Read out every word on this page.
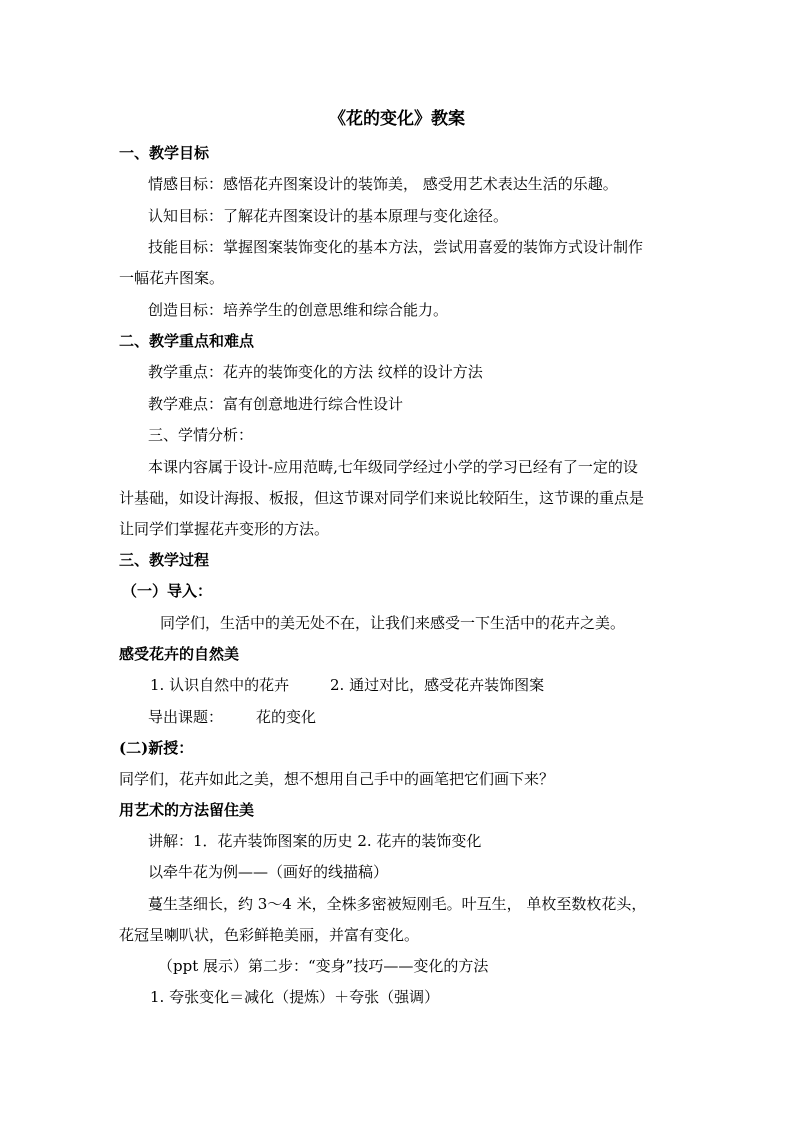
《花的变化》教案
一、教学目标
情感目标：感悟花卉图案设计的装饰美， 感受用艺术表达生活的乐趣。
认知目标：了解花卉图案设计的基本原理与变化途径。
技能目标：掌握图案装饰变化的基本方法，尝试用喜爱的装饰方式设计制作
一幅花卉图案。
创造目标：培养学生的创意思维和综合能力。
二、教学重点和难点
教学重点：花卉的装饰变化的方法 纹样的设计方法
教学难点：富有创意地进行综合性设计
三、学情分析：
本课内容属于设计-应用范畴,七年级同学经过小学的学习已经有了一定的设
计基础，如设计海报、板报，但这节课对同学们来说比较陌生，这节课的重点是
让同学们掌握花卉变形的方法。
三、教学过程
（一）导入：
同学们，生活中的美无处不在，让我们来感受一下生活中的花卉之美。
感受花卉的自然美
1. 认识自然中的花卉	2. 通过对比，感受花卉装饰图案
导出课题： 花的变化
(二)新授：
同学们，花卉如此之美，想不想用自己手中的画笔把它们画下来？
用艺术的方法留住美
讲解：1．花卉装饰图案的历史 2. 花卉的装饰变化
以牵牛花为例——（画好的线描稿）
蔓生茎细长，约 3～4 米，全株多密被短刚毛。叶互生， 单枚至数枚花头，
花冠呈喇叭状，色彩鲜艳美丽，并富有变化。
（ppt 展示）第二步：“变身”技巧——变化的方法
1. 夸张变化＝减化（提炼）＋夸张（强调）
